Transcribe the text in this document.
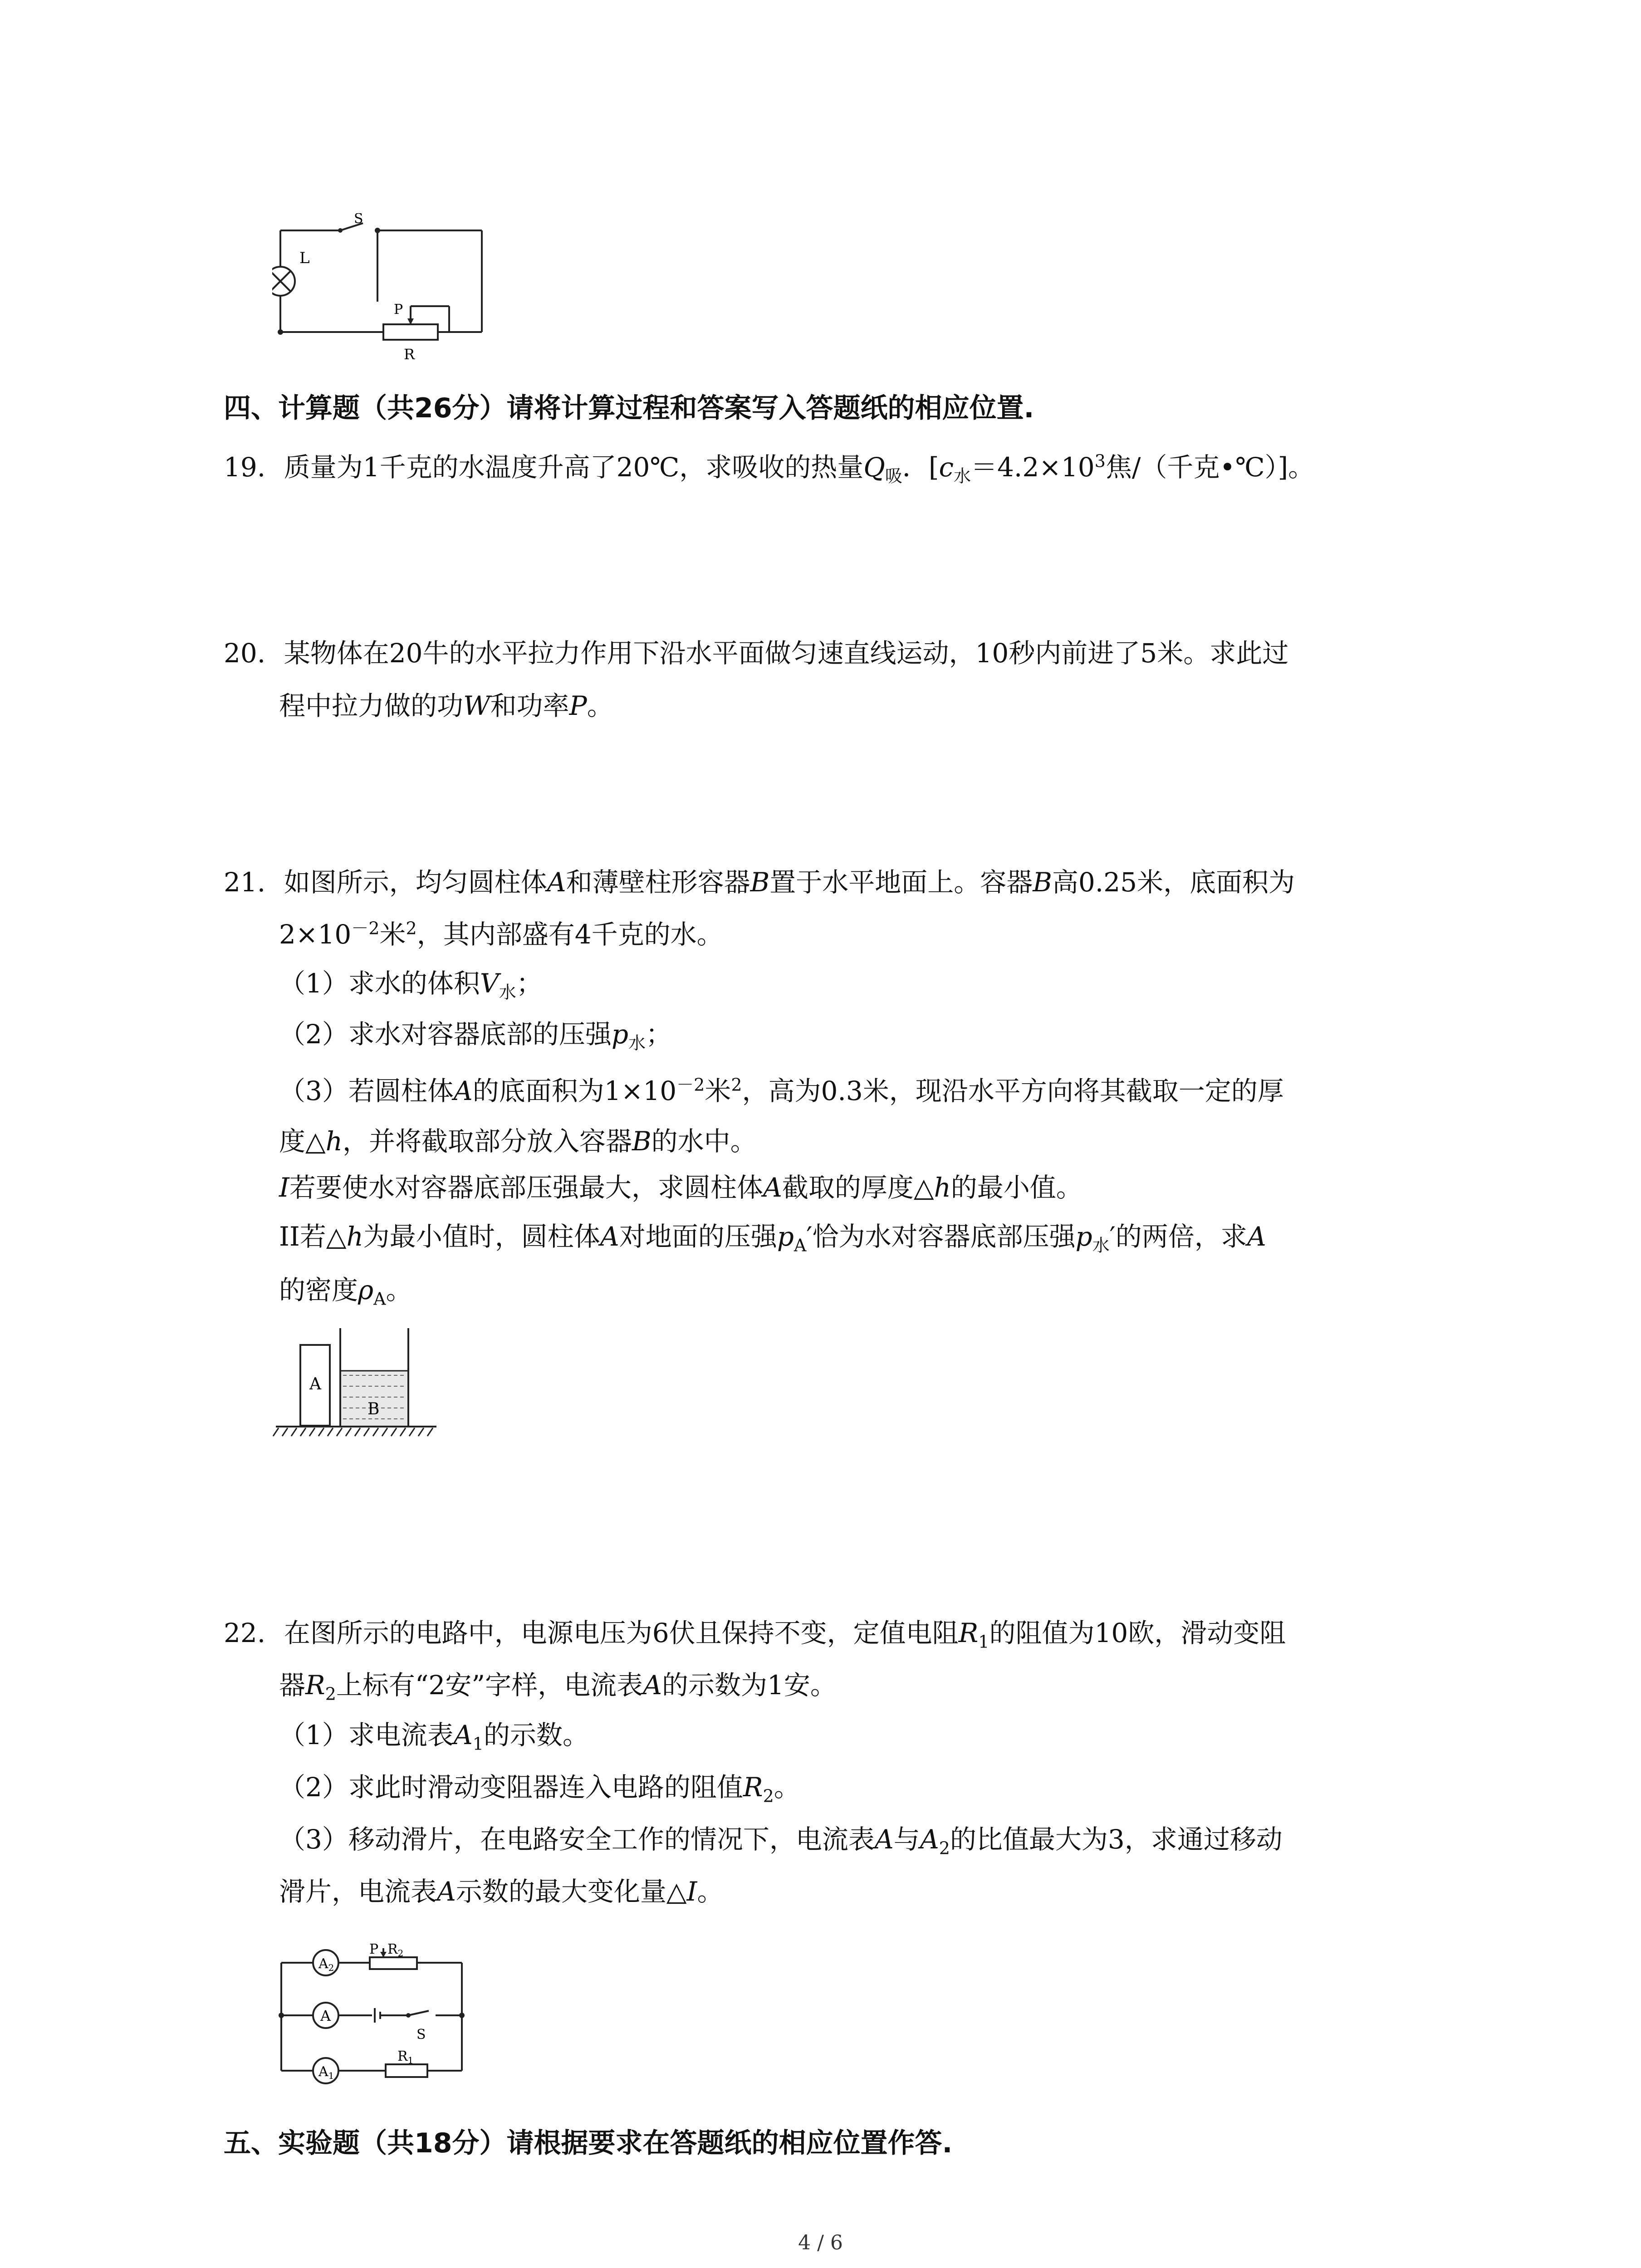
L
S
P
R
四、计算题（共26分）请将计算过程和答案写入答题纸的相应位置.
19. 质量为1千克的水温度升高了20℃，求吸收的热量$Q_吸$．[$c_水=4.2\times 10^3$焦/（千克•℃）]。
20. 某物体在20牛的水平拉力作用下沿水平面做匀速直线运动，10秒内前进了5米。求此过
程中拉力做的功W和功率P。
21. 如图所示，均匀圆柱体A和薄壁柱形容器B置于水平地面上。容器B高0.25米，底面积为
$2\times 10^{-2}$米$^2$，其内部盛有4千克的水。
（1）求水的体积$V_水$；
（2）求水对容器底部的压强$p_水$；
（3）若圆柱体A的底面积为$1\times 10^{-2}$米$^2$，高为0.3米，现沿水平方向将其截取一定的厚
度△h，并将截取部分放入容器B的水中。
I若要使水对容器底部压强最大，求圆柱体A截取的厚度△h的最小值。
II若△h为最小值时，圆柱体A对地面的压强$p_A'$恰为水对容器底部压强$p_水'$的两倍，求A
的密度$\rho_A$。
A
B
22. 在图所示的电路中，电源电压为6伏且保持不变，定值电阻$R_1$的阻值为10欧，滑动变阻
器$R_2$上标有“2安”字样，电流表A的示数为1安。
（1）求电流表$A_1$的示数。
（2）求此时滑动变阻器连入电路的阻值$R_2$。
（3）移动滑片，在电路安全工作的情况下，电流表A与$A_2$的比值最大为3，求通过移动
滑片，电流表A示数的最大变化量△I。
$A_2$
A
$A_1$
P $R_2$
$R_1$
S
五、实验题（共18分）请根据要求在答题纸的相应位置作答.
4 / 6
